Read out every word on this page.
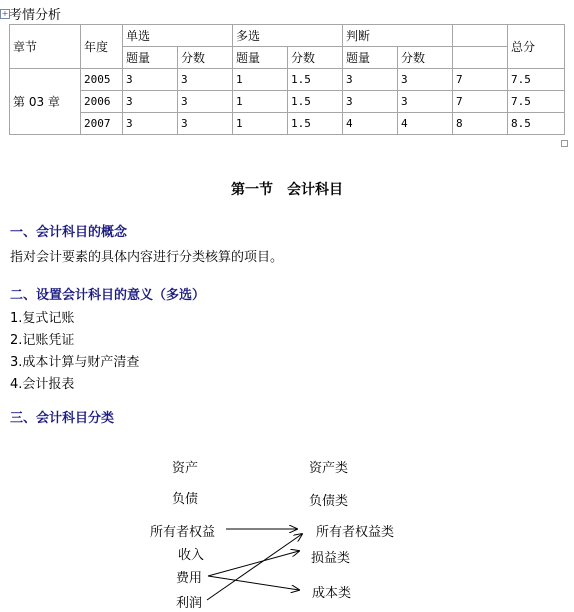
+ 考情分析
章节	年度	单选		多选		判断			总分
		题量	分数	题量	分数	题量	分数		
第 03 章	2005	3	3	1	1.5	3	3	7	7.5
	2006	3	3	1	1.5	3	3	7	7.5
	2007	3	3	1	1.5	4	4	8	8.5
第一节　会计科目
一、会计科目的概念
指对会计要素的具体内容进行分类核算的项目。
二、设置会计科目的意义（多选）
1.复式记账
2.记账凭证
3.成本计算与财产清查
4.会计报表
三、会计科目分类
资产
负债
所有者权益
收入
费用
利润
资产类
负债类
所有者权益类
损益类
成本类
